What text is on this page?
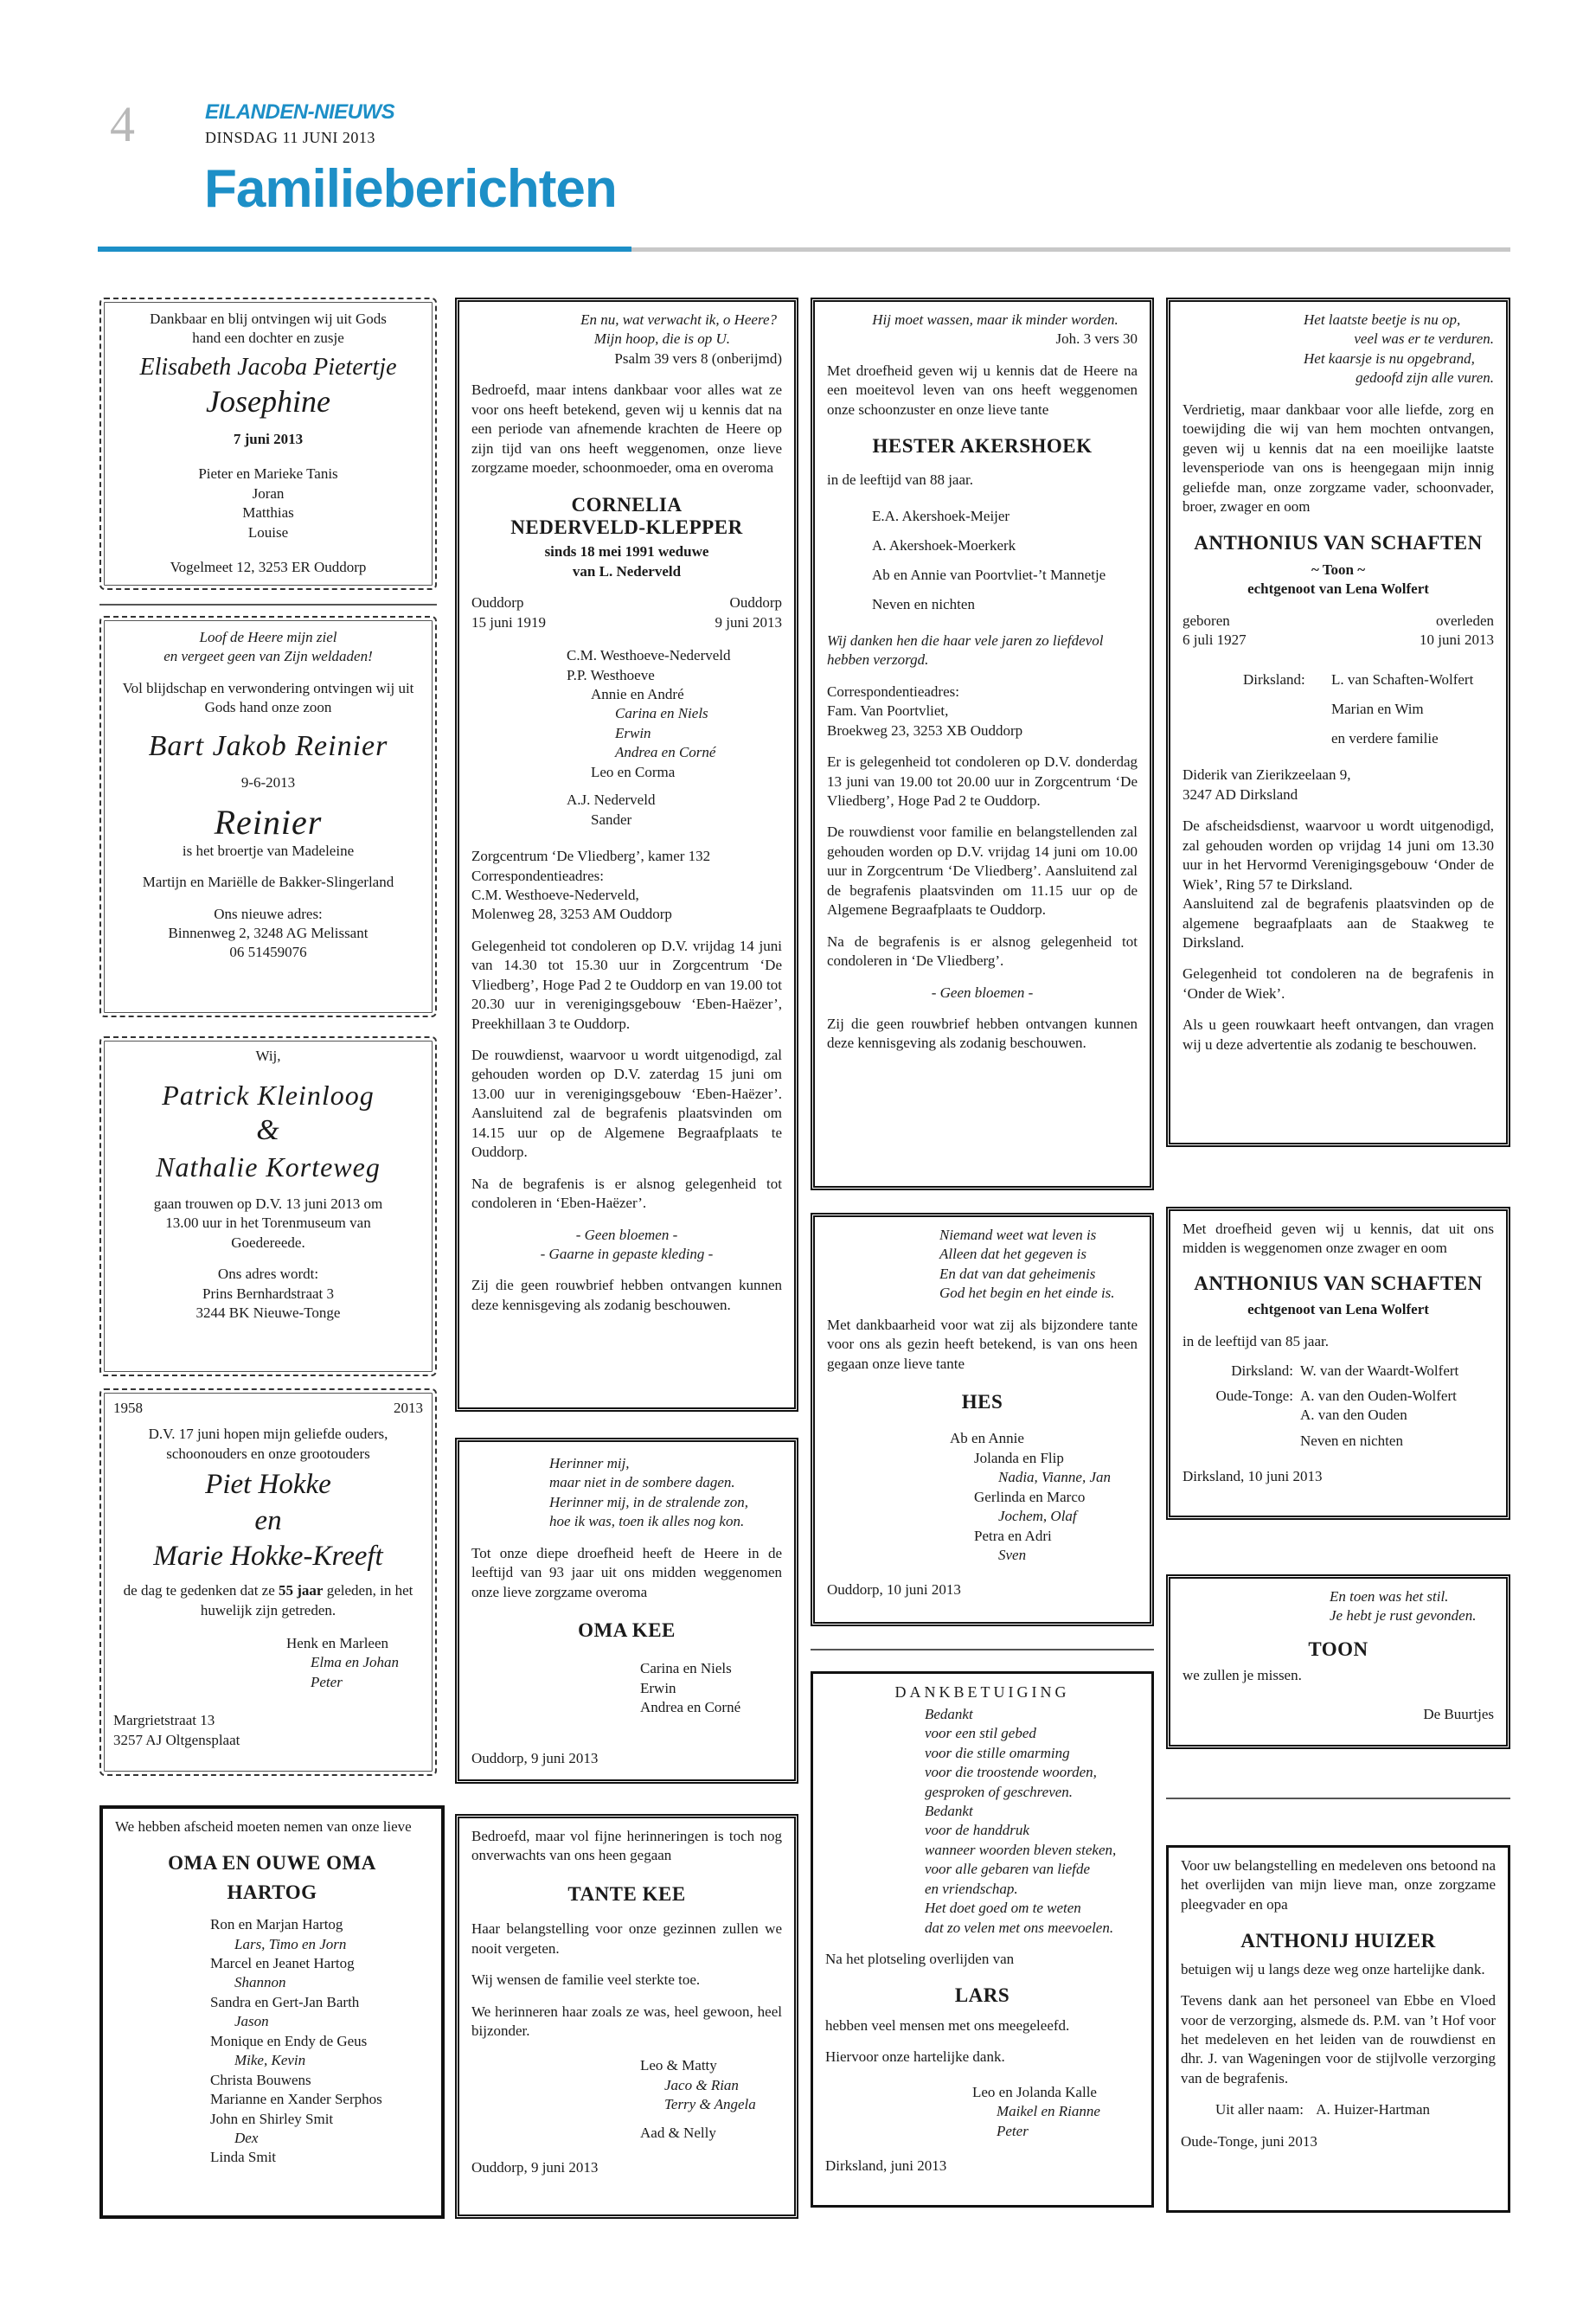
4	EILANDEN-NIEUWS
DINSDAG 11 JUNI 2013
Familieberichten
Dankbaar en blij ontvingen wij uit Gods hand een dochter en zusje
Elisabeth Jacoba Pietertje
Josephine
7 juni 2013
Pieter en Marieke Tanis
Joran
Matthias
Louise
Vogelmeet 12, 3253 ER Ouddorp
Loof de Heere mijn ziel
en vergeet geen van Zijn weldaden!
Vol blijdschap en verwondering ontvingen wij uit Gods hand onze zoon
Bart Jakob Reinier
9-6-2013
Reinier
is het broertje van Madeleine
Martijn en Mariëlle de Bakker-Slingerland
Ons nieuwe adres:
Binnenweg 2, 3248 AG Melissant
06 51459076
Wij,
Patrick Kleinloog
&
Nathalie Korteweg
gaan trouwen op D.V. 13 juni 2013 om 13.00 uur in het Torenmuseum van Goedereede.
Ons adres wordt:
Prins Bernhardstraat 3
3244 BK Nieuwe-Tonge
1958	2013
D.V. 17 juni hopen mijn geliefde ouders, schoonouders en onze grootouders
Piet Hokke
en
Marie Hokke-Kreeft
de dag te gedenken dat ze 55 jaar geleden, in het huwelijk zijn getreden.
Henk en Marleen
Elma en Johan
Peter
Margrietstraat 13
3257 AJ Oltgensplaat
We hebben afscheid moeten nemen van onze lieve
OMA EN OUWE OMA HARTOG
Ron en Marjan Hartog
Lars, Timo en Jorn
Marcel en Jeanet Hartog
Shannon
Sandra en Gert-Jan Barth
Jason
Monique en Endy de Geus
Mike, Kevin
Christa Bouwens
Marianne en Xander Serphos
John en Shirley Smit
Dex
Linda Smit
En nu, wat verwacht ik, o Heere?
Mijn hoop, die is op U.
Psalm 39 vers 8 (onberijmd)
Bedroefd, maar intens dankbaar voor alles wat ze voor ons heeft betekend, geven wij u kennis dat na een periode van afnemende krachten de Heere op zijn tijd van ons heeft weggenomen, onze lieve zorgzame moeder, schoonmoeder, oma en overoma
CORNELIA NEDERVELD-KLEPPER
sinds 18 mei 1991 weduwe
van L. Nederveld
Ouddorp	Ouddorp
15 juni 1919	9 juni 2013
C.M. Westhoeve-Nederveld
P.P. Westhoeve
Annie en André
Carina en Niels
Erwin
Andrea en Corné
Leo en Corma
A.J. Nederveld
Sander
Zorgcentrum ‘De Vliedberg’, kamer 132
Correspondentieadres:
C.M. Westhoeve-Nederveld,
Molenweg 28, 3253 AM Ouddorp
Gelegenheid tot condoleren op D.V. vrijdag 14 juni van 14.30 tot 15.30 uur in Zorgcentrum ‘De Vliedberg’, Hoge Pad 2 te Ouddorp en van 19.00 tot 20.30 uur in verenigingsgebouw ‘Eben-Haëzer’, Preekhillaan 3 te Ouddorp.
De rouwdienst, waarvoor u wordt uitgenodigd, zal gehouden worden op D.V. zaterdag 15 juni om 13.00 uur in verenigingsgebouw ‘Eben-Haëzer’. Aansluitend zal de begrafenis plaatsvinden om 14.15 uur op de Algemene Begraafplaats te Ouddorp.
Na de begrafenis is er alsnog gelegenheid tot condoleren in ‘Eben-Haëzer’.
- Geen bloemen -
- Gaarne in gepaste kleding -
Zij die geen rouwbrief hebben ontvangen kunnen deze kennisgeving als zodanig beschouwen.
Herinner mij,
maar niet in de sombere dagen.
Herinner mij, in de stralende zon,
hoe ik was, toen ik alles nog kon.
Tot onze diepe droefheid heeft de Heere in de leeftijd van 93 jaar uit ons midden weggenomen onze lieve zorgzame overoma
OMA KEE
Carina en Niels
Erwin
Andrea en Corné
Ouddorp, 9 juni 2013
Bedroefd, maar vol fijne herinneringen is toch nog onverwachts van ons heen gegaan
TANTE KEE
Haar belangstelling voor onze gezinnen zullen we nooit vergeten.
Wij wensen de familie veel sterkte toe.
We herinneren haar zoals ze was, heel gewoon, heel bijzonder.
Leo & Matty
Jaco & Rian
Terry & Angela
Aad & Nelly
Ouddorp, 9 juni 2013
Hij moet wassen, maar ik minder worden.
Joh. 3 vers 30
Met droefheid geven wij u kennis dat de Heere na een moeitevol leven van ons heeft weggenomen onze schoonzuster en onze lieve tante
HESTER AKERSHOEK
in de leeftijd van 88 jaar.
E.A. Akershoek-Meijer
A. Akershoek-Moerkerk
Ab en Annie van Poortvliet-’t Mannetje
Neven en nichten
Wij danken hen die haar vele jaren zo liefdevol hebben verzorgd.
Correspondentieadres:
Fam. Van Poortvliet,
Broekweg 23, 3253 XB Ouddorp
Er is gelegenheid tot condoleren op D.V. donderdag 13 juni van 19.00 tot 20.00 uur in Zorgcentrum ‘De Vliedberg’, Hoge Pad 2 te Ouddorp.
De rouwdienst voor familie en belangstellenden zal gehouden worden op D.V. vrijdag 14 juni om 10.00 uur in Zorgcentrum ‘De Vliedberg’. Aansluitend zal de begrafenis plaatsvinden om 11.15 uur op de Algemene Begraafplaats te Ouddorp.
Na de begrafenis is er alsnog gelegenheid tot condoleren in ‘De Vliedberg’.
- Geen bloemen -
Zij die geen rouwbrief hebben ontvangen kunnen deze kennisgeving als zodanig beschouwen.
Niemand weet wat leven is
Alleen dat het gegeven is
En dat van dat geheimenis
God het begin en het einde is.
Met dankbaarheid voor wat zij als bijzondere tante voor ons als gezin heeft betekend, is van ons heen gegaan onze lieve tante
HES
Ab en Annie
Jolanda en Flip
Nadia, Vianne, Jan
Gerlinda en Marco
Jochem, Olaf
Petra en Adri
Sven
Ouddorp, 10 juni 2013
DANKBETUIGING
Bedankt
voor een stil gebed
voor die stille omarming
voor die troostende woorden,
gesproken of geschreven.
Bedankt
voor de handdruk
wanneer woorden bleven steken,
voor alle gebaren van liefde
en vriendschap.
Het doet goed om te weten
dat zo velen met ons meevoelen.
Na het plotseling overlijden van
LARS
hebben veel mensen met ons meegeleefd.
Hiervoor onze hartelijke dank.
Leo en Jolanda Kalle
Maikel en Rianne
Peter
Dirksland, juni 2013
Het laatste beetje is nu op,
veel was er te verduren.
Het kaarsje is nu opgebrand,
gedoofd zijn alle vuren.
Verdrietig, maar dankbaar voor alle liefde, zorg en toewijding die wij van hem mochten ontvangen, geven wij u kennis dat na een moeilijke laatste levensperiode van ons is heengegaan mijn innig geliefde man, onze zorgzame vader, schoonvader, broer, zwager en oom
ANTHONIUS VAN SCHAFTEN
~ Toon ~
echtgenoot van Lena Wolfert
geboren	overleden
6 juli 1927	10 juni 2013
Dirksland:	L. van Schaften-Wolfert
Marian en Wim
en verdere familie
Diderik van Zierikzeelaan 9,
3247 AD Dirksland
De afscheidsdienst, waarvoor u wordt uitgenodigd, zal gehouden worden op vrijdag 14 juni om 13.30 uur in het Hervormd Verenigingsgebouw ‘Onder de Wiek’, Ring 57 te Dirksland.
Aansluitend zal de begrafenis plaatsvinden op de algemene begraafplaats aan de Staakweg te Dirksland.
Gelegenheid tot condoleren na de begrafenis in ‘Onder de Wiek’.
Als u geen rouwkaart heeft ontvangen, dan vragen wij u deze advertentie als zodanig te beschouwen.
Met droefheid geven wij u kennis, dat uit ons midden is weggenomen onze zwager en oom
ANTHONIUS VAN SCHAFTEN
echtgenoot van Lena Wolfert
in de leeftijd van 85 jaar.
Dirksland: W. van der Waardt-Wolfert
Oude-Tonge: A. van den Ouden-Wolfert
A. van den Ouden
Neven en nichten
Dirksland, 10 juni 2013
En toen was het stil.
Je hebt je rust gevonden.
TOON
we zullen je missen.
De Buurtjes
Voor uw belangstelling en medeleven ons betoond na het overlijden van mijn lieve man, onze zorgzame pleegvader en opa
ANTHONIJ HUIZER
betuigen wij u langs deze weg onze hartelijke dank.
Tevens dank aan het personeel van Ebbe en Vloed voor de verzorging, alsmede ds. P.M. van ’t Hof voor het medeleven en het leiden van de rouwdienst en dhr. J. van Wageningen voor de stijlvolle verzorging van de begrafenis.
Uit aller naam: A. Huizer-Hartman
Oude-Tonge, juni 2013
